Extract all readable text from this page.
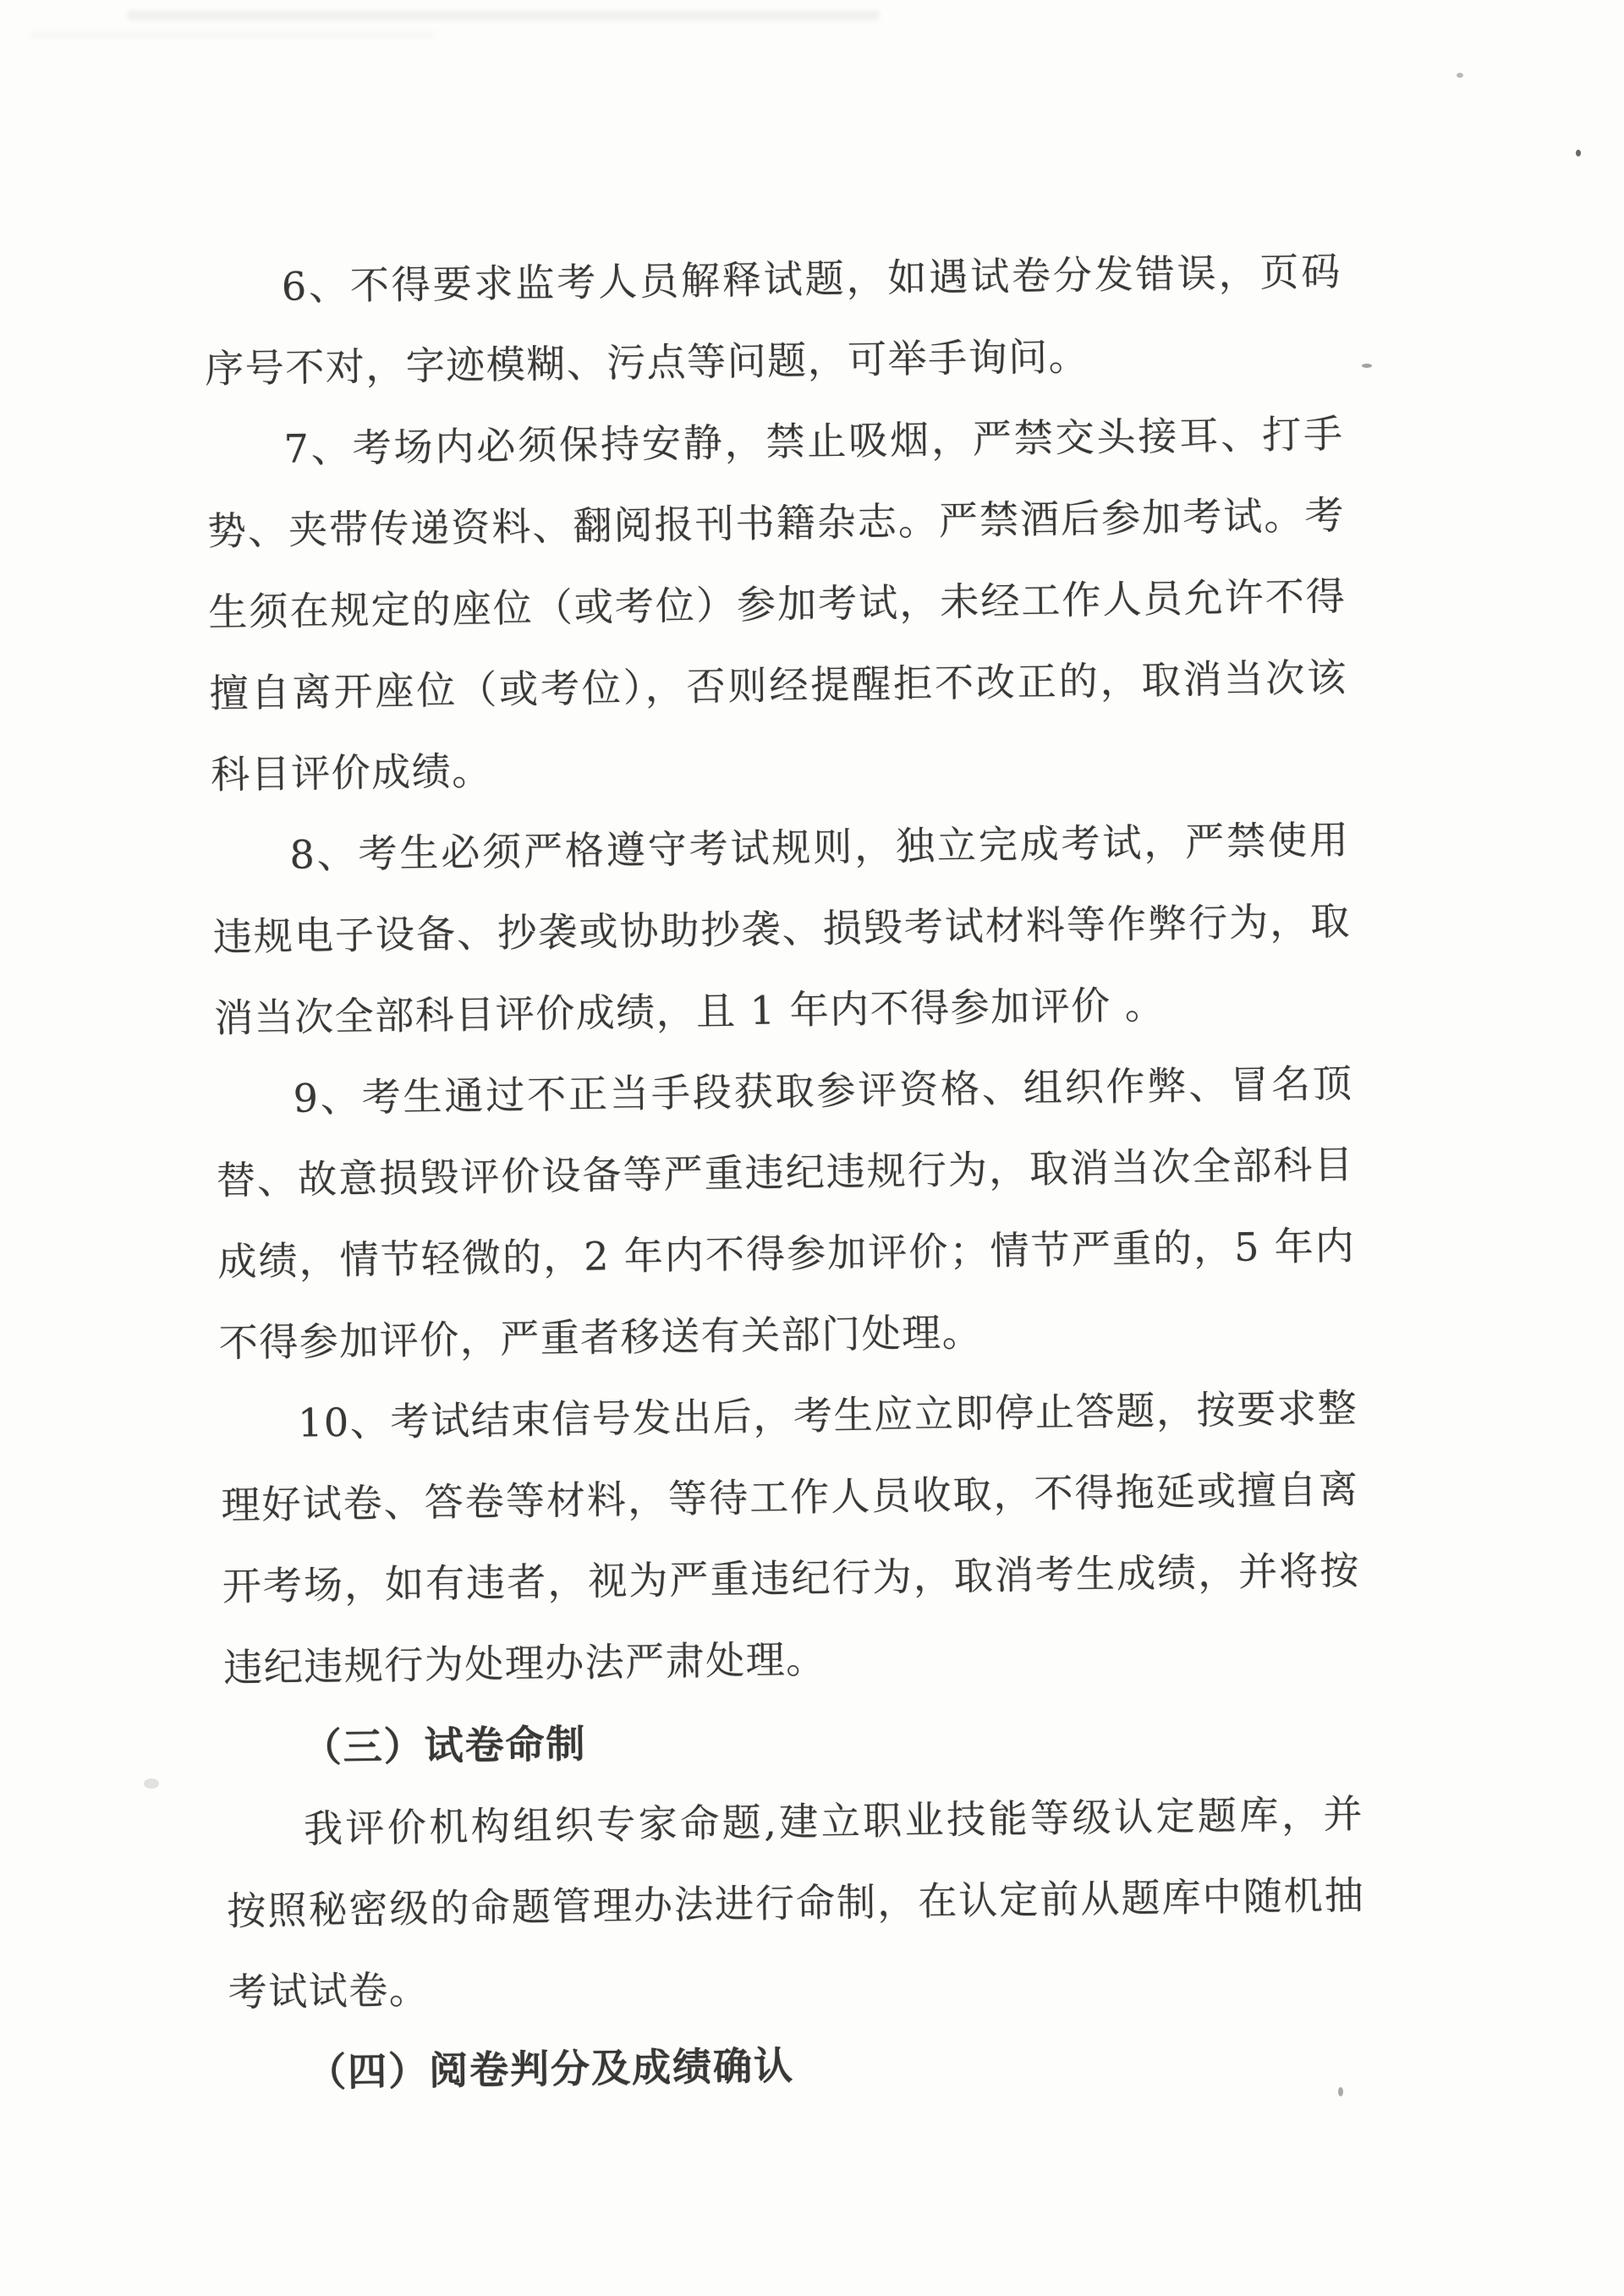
6、不得要求监考人员解释试题，如遇试卷分发错误，页码
序号不对，字迹模糊、污点等问题，可举手询问。
7、考场内必须保持安静，禁止吸烟，严禁交头接耳、打手
势、夹带传递资料、翻阅报刊书籍杂志。严禁酒后参加考试。考
生须在规定的座位（或考位）参加考试，未经工作人员允许不得
擅自离开座位（或考位），否则经提醒拒不改正的，取消当次该
科目评价成绩。
8、考生必须严格遵守考试规则，独立完成考试，严禁使用
违规电子设备、抄袭或协助抄袭、损毁考试材料等作弊行为，取
消当次全部科目评价成绩，且 1 年内不得参加评价 。
9、考生通过不正当手段获取参评资格、组织作弊、冒名顶
替、故意损毁评价设备等严重违纪违规行为，取消当次全部科目
成绩，情节轻微的，2 年内不得参加评价；情节严重的，5 年内
不得参加评价，严重者移送有关部门处理。
10、考试结束信号发出后，考生应立即停止答题，按要求整
理好试卷、答卷等材料，等待工作人员收取，不得拖延或擅自离
开考场，如有违者，视为严重违纪行为，取消考生成绩，并将按
违纪违规行为处理办法严肃处理。
（三）试卷命制
我评价机构组织专家命题,建立职业技能等级认定题库，并
按照秘密级的命题管理办法进行命制，在认定前从题库中随机抽
考试试卷。
（四）阅卷判分及成绩确认
